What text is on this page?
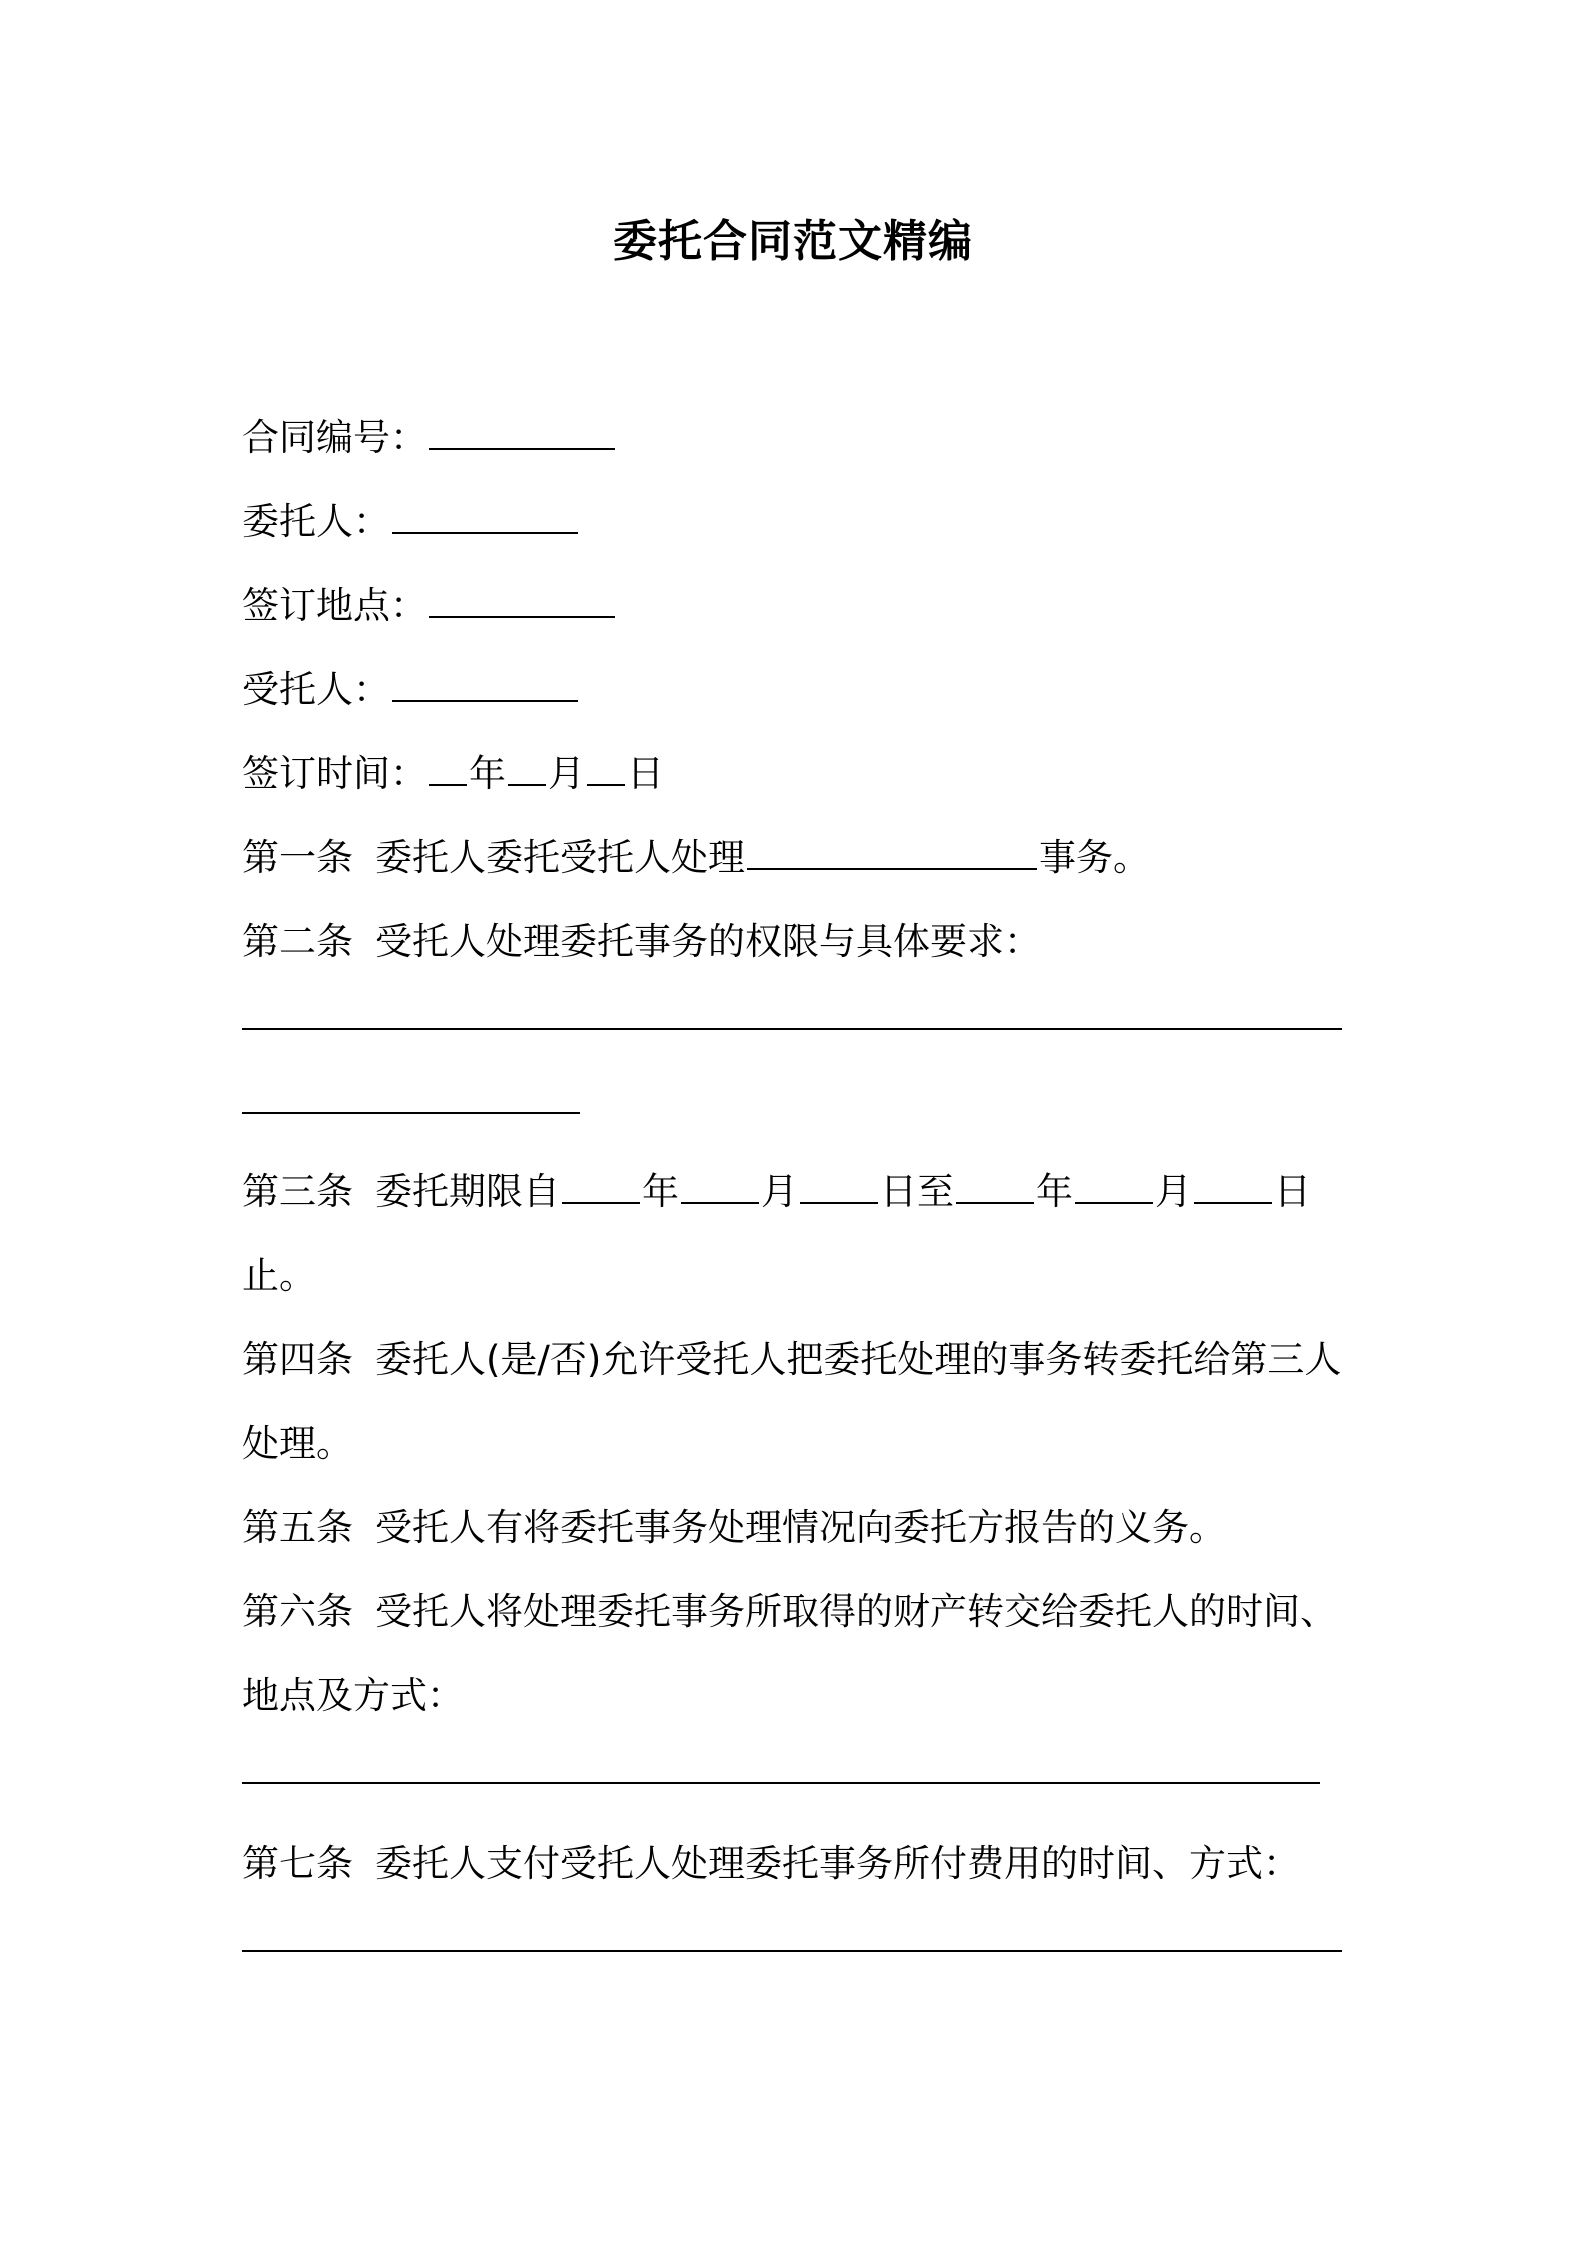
委托合同范文精编
合同编号：
委托人：
签订地点：
受托人：
签订时间： 年 月 日
第一条 委托人委托受托人处理	事务。
第二条 受托人处理委托事务的权限与具体要求：
第三条 委托期限自 年 月 日至 年 月 日
止。
第四条 委托人(是/否)允许受托人把委托处理的事务转委托给第三人
处理。
第五条 受托人有将委托事务处理情况向委托方报告的义务。
第六条 受托人将处理委托事务所取得的财产转交给委托人的时间、
地点及方式：
第七条 委托人支付受托人处理委托事务所付费用的时间、方式：
